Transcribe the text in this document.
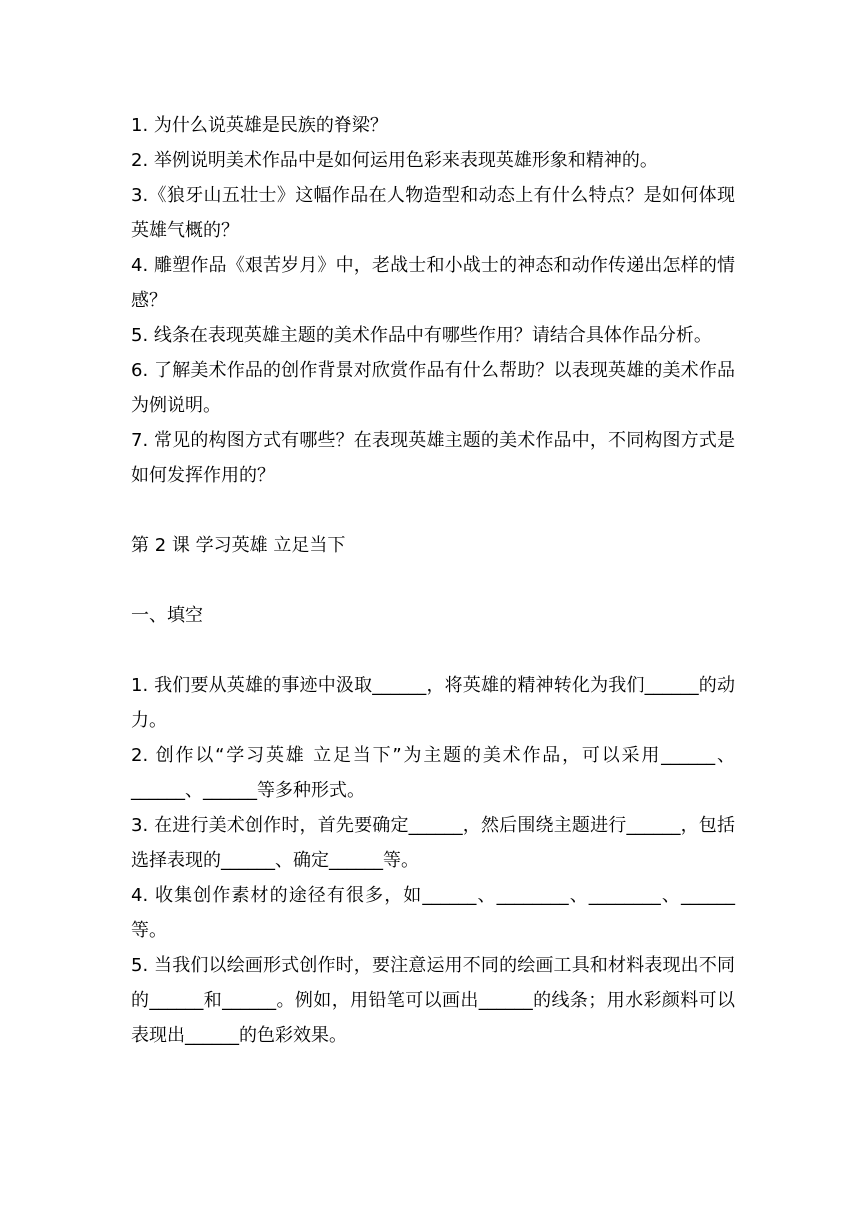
1. 为什么说英雄是民族的脊梁？

2. 举例说明美术作品中是如何运用色彩来表现英雄形象和精神的。

3.《狼牙山五壮士》这幅作品在人物造型和动态上有什么特点？是如何体现英雄气概的？

4. 雕塑作品《艰苦岁月》中，老战士和小战士的神态和动作传递出怎样的情感？

5. 线条在表现英雄主题的美术作品中有哪些作用？请结合具体作品分析。

6. 了解美术作品的创作背景对欣赏作品有什么帮助？以表现英雄的美术作品为例说明。

7. 常见的构图方式有哪些？在表现英雄主题的美术作品中，不同构图方式是如何发挥作用的？

第 2 课 学习英雄 立足当下

一、填空

1. 我们要从英雄的事迹中汲取______，将英雄的精神转化为我们______的动力。

2. 创作以“学习英雄 立足当下”为主题的美术作品，可以采用______、______、______等多种形式。

3. 在进行美术创作时，首先要确定______，然后围绕主题进行______，包括选择表现的______、确定______等。

4. 收集创作素材的途径有很多，如______、________、________、______等。

5. 当我们以绘画形式创作时，要注意运用不同的绘画工具和材料表现出不同的______和______。例如，用铅笔可以画出______的线条；用水彩颜料可以表现出______的色彩效果。
